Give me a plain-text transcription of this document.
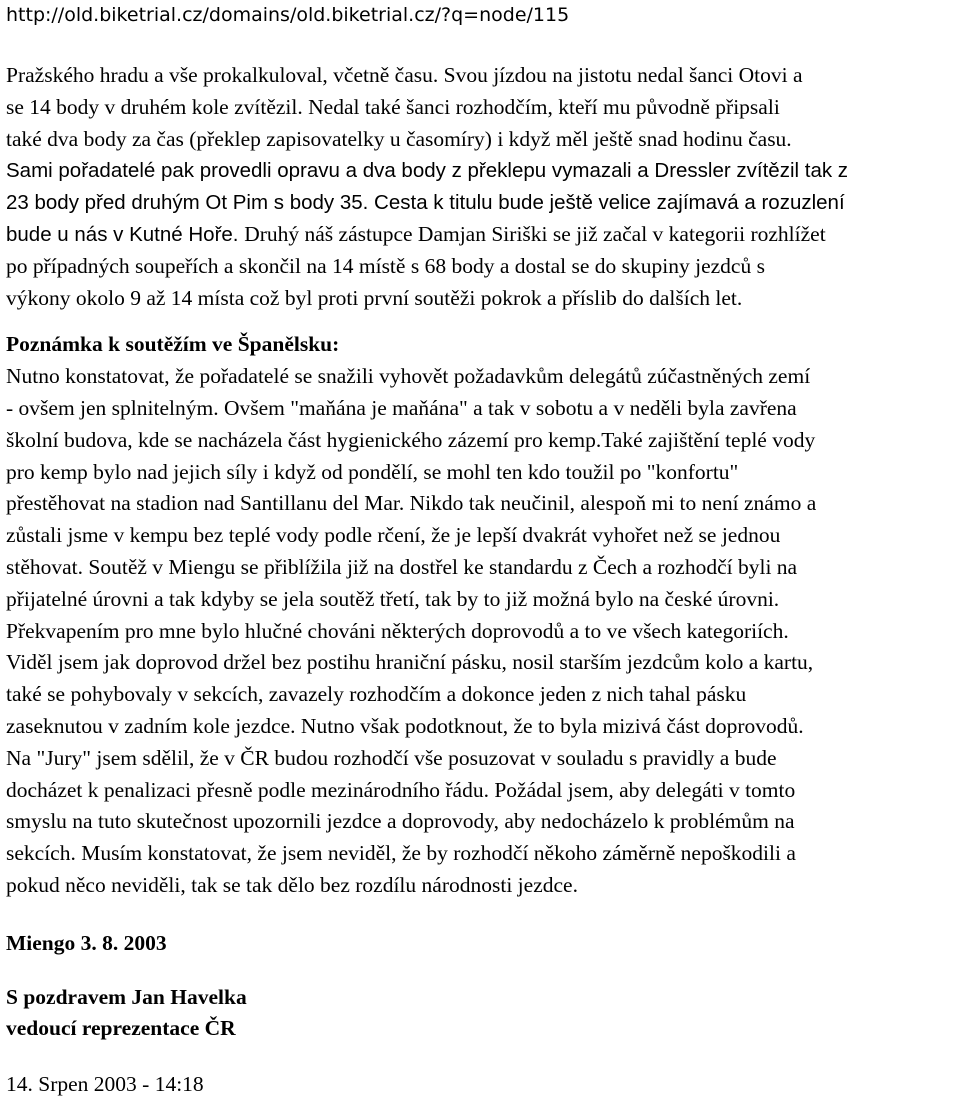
http://old.biketrial.cz/domains/old.biketrial.cz/?q=node/115
Pražského hradu a vše prokalkuloval, včetně času. Svou jízdou na jistotu nedal šanci Otovi a
se 14 body v druhém kole zvítězil. Nedal také šanci rozhodčím, kteří mu původně připsali
také dva body za čas (překlep zapisovatelky u časomíry) i když měl ještě snad hodinu času.
Sami pořadatelé pak provedli opravu a dva body z překlepu vymazali a Dressler zvítězil tak z
23 body před druhým Ot Pim s body 35. Cesta k titulu bude ještě velice zajímavá a rozuzlení
bude u nás v Kutné Hoře. Druhý náš zástupce Damjan Siriški se již začal v kategorii rozhlížet
po případných soupeřích a skončil na 14 místě s 68 body a dostal se do skupiny jezdců s
výkony okolo 9 až 14 místa což byl proti první soutěži pokrok a příslib do dalších let.
Poznámka k soutěžím ve Španělsku:
Nutno konstatovat, že pořadatelé se snažili vyhovět požadavkům delegátů zúčastněných zemí
- ovšem jen splnitelným. Ovšem "maňána je maňána" a tak v sobotu a v neděli byla zavřena
školní budova, kde se nacházela část hygienického zázemí pro kemp.Také zajištění teplé vody
pro kemp bylo nad jejich síly i když od pondělí, se mohl ten kdo toužil po "konfortu"
přestěhovat na stadion nad Santillanu del Mar. Nikdo tak neučinil, alespoň mi to není známo a
zůstali jsme v kempu bez teplé vody podle rčení, že je lepší dvakrát vyhořet než se jednou
stěhovat. Soutěž v Miengu se přiblížila již na dostřel ke standardu z Čech a rozhodčí byli na
přijatelné úrovni a tak kdyby se jela soutěž třetí, tak by to již možná bylo na české úrovni.
Překvapením pro mne bylo hlučné chováni některých doprovodů a to ve všech kategoriích.
Viděl jsem jak doprovod držel bez postihu hraniční pásku, nosil starším jezdcům kolo a kartu,
také se pohybovaly v sekcích, zavazely rozhodčím a dokonce jeden z nich tahal pásku
zaseknutou v zadním kole jezdce. Nutno však podotknout, že to byla mizivá část doprovodů.
Na "Jury" jsem sdělil, že v ČR budou rozhodčí vše posuzovat v souladu s pravidly a bude
docházet k penalizaci přesně podle mezinárodního řádu. Požádal jsem, aby delegáti v tomto
smyslu na tuto skutečnost upozornili jezdce a doprovody, aby nedocházelo k problémům na
sekcích. Musím konstatovat, že jsem neviděl, že by rozhodčí někoho záměrně nepoškodili a
pokud něco neviděli, tak se tak dělo bez rozdílu národnosti jezdce.
Miengo 3. 8. 2003
S pozdravem Jan Havelka
vedoucí reprezentace ČR
14. Srpen 2003 - 14:18
